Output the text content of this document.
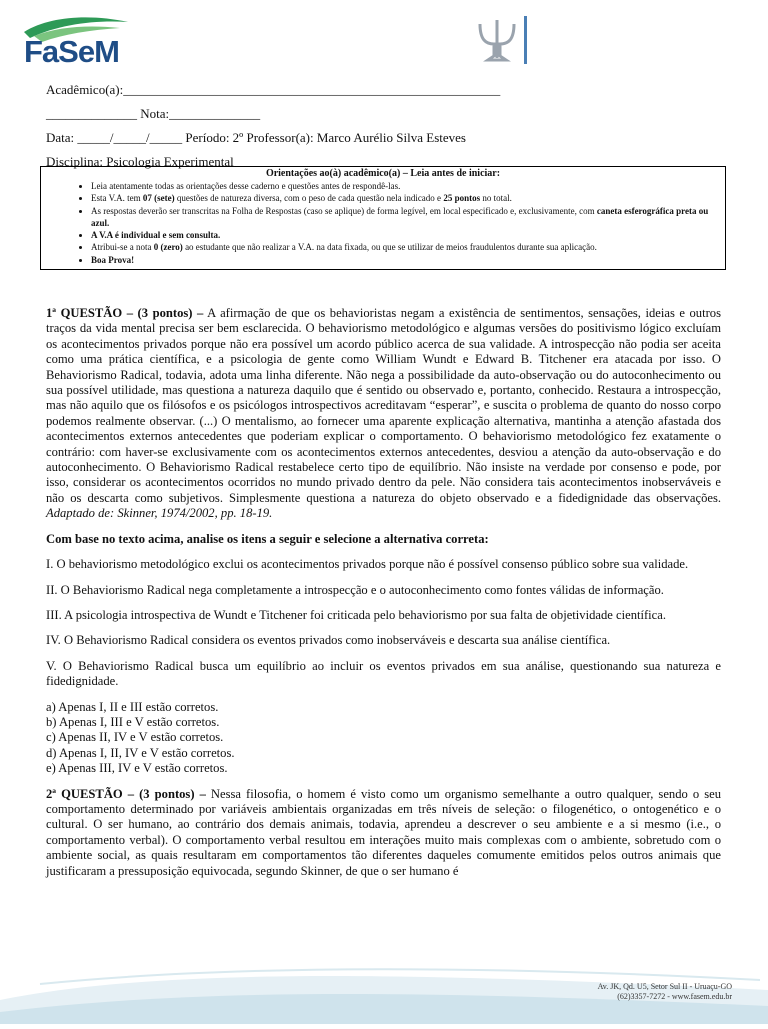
FaSeM
Acadêmico(a):__________________________________________________________
______________ Nota:______________
Data: _____/_____/_____ Período: 2º Professor(a): Marco Aurélio Silva Esteves
Disciplina: Psicologia Experimental
Orientações ao(à) acadêmico(a) – Leia antes de iniciar:
• Leia atentamente todas as orientações desse caderno e questões antes de respondê-las.
• Esta V.A. tem 07 (sete) questões de natureza diversa, com o peso de cada questão nela indicado e 25 pontos no total.
• As respostas deverão ser transcritas na Folha de Respostas (caso se aplique) de forma legível, em local especificado e, exclusivamente, com caneta esferográfica preta ou azul.
• A V.A é individual e sem consulta.
• Atribui-se a nota 0 (zero) ao estudante que não realizar a V.A. na data fixada, ou que se utilizar de meios fraudulentos durante sua aplicação.
• Boa Prova!

1ª QUESTÃO – (3 pontos) – A afirmação de que os behavioristas negam a existência de sentimentos, sensações, ideias e outros traços da vida mental precisa ser bem esclarecida. O behaviorismo metodológico e algumas versões do positivismo lógico excluíam os acontecimentos privados porque não era possível um acordo público acerca de sua validade. A introspecção não podia ser aceita como uma prática científica, e a psicologia de gente como William Wundt e Edward B. Titchener era atacada por isso. O Behaviorismo Radical, todavia, adota uma linha diferente. Não nega a possibilidade da auto-observação ou do autoconhecimento ou sua possível utilidade, mas questiona a natureza daquilo que é sentido ou observado e, portanto, conhecido. Restaura a introspecção, mas não aquilo que os filósofos e os psicólogos introspectivos acreditavam “esperar”, e suscita o problema de quanto do nosso corpo podemos realmente observar. (...) O mentalismo, ao fornecer uma aparente explicação alternativa, mantinha a atenção afastada dos acontecimentos externos antecedentes que poderiam explicar o comportamento. O behaviorismo metodológico fez exatamente o contrário: com haver-se exclusivamente com os acontecimentos externos antecedentes, desviou a atenção da auto-observação e do autoconhecimento. O Behaviorismo Radical restabelece certo tipo de equilíbrio. Não insiste na verdade por consenso e pode, por isso, considerar os acontecimentos ocorridos no mundo privado dentro da pele. Não considera tais acontecimentos inobserváveis e não os descarta como subjetivos. Simplesmente questiona a natureza do objeto observado e a fidedignidade das observações. Adaptado de: Skinner, 1974/2002, pp. 18-19.

Com base no texto acima, analise os itens a seguir e selecione a alternativa correta:

I. O behaviorismo metodológico exclui os acontecimentos privados porque não é possível consenso público sobre sua validade.

II. O Behaviorismo Radical nega completamente a introspecção e o autoconhecimento como fontes válidas de informação.

III. A psicologia introspectiva de Wundt e Titchener foi criticada pelo behaviorismo por sua falta de objetividade científica.

IV. O Behaviorismo Radical considera os eventos privados como inobserváveis e descarta sua análise científica.

V. O Behaviorismo Radical busca um equilíbrio ao incluir os eventos privados em sua análise, questionando sua natureza e fidedignidade.

a) Apenas I, II e III estão corretos.
b) Apenas I, III e V estão corretos.
c) Apenas II, IV e V estão corretos.
d) Apenas I, II, IV e V estão corretos.
e) Apenas III, IV e V estão corretos.

2ª QUESTÃO – (3 pontos) – Nessa filosofia, o homem é visto como um organismo semelhante a outro qualquer, sendo o seu comportamento determinado por variáveis ambientais organizadas em três níveis de seleção: o filogenético, o ontogenético e o cultural. O ser humano, ao contrário dos demais animais, todavia, aprendeu a descrever o seu ambiente e a si mesmo (i.e., o comportamento verbal). O comportamento verbal resultou em interações muito mais complexas com o ambiente, sobretudo com o ambiente social, as quais resultaram em comportamentos tão diferentes daqueles comumente emitidos pelos outros animais que justificaram a pressuposição equivocada, segundo Skinner, de que o ser humano é

Av. JK, Qd. U5, Setor Sul II - Uruaçu-GO
(62)3357-7272 - www.fasem.edu.br
